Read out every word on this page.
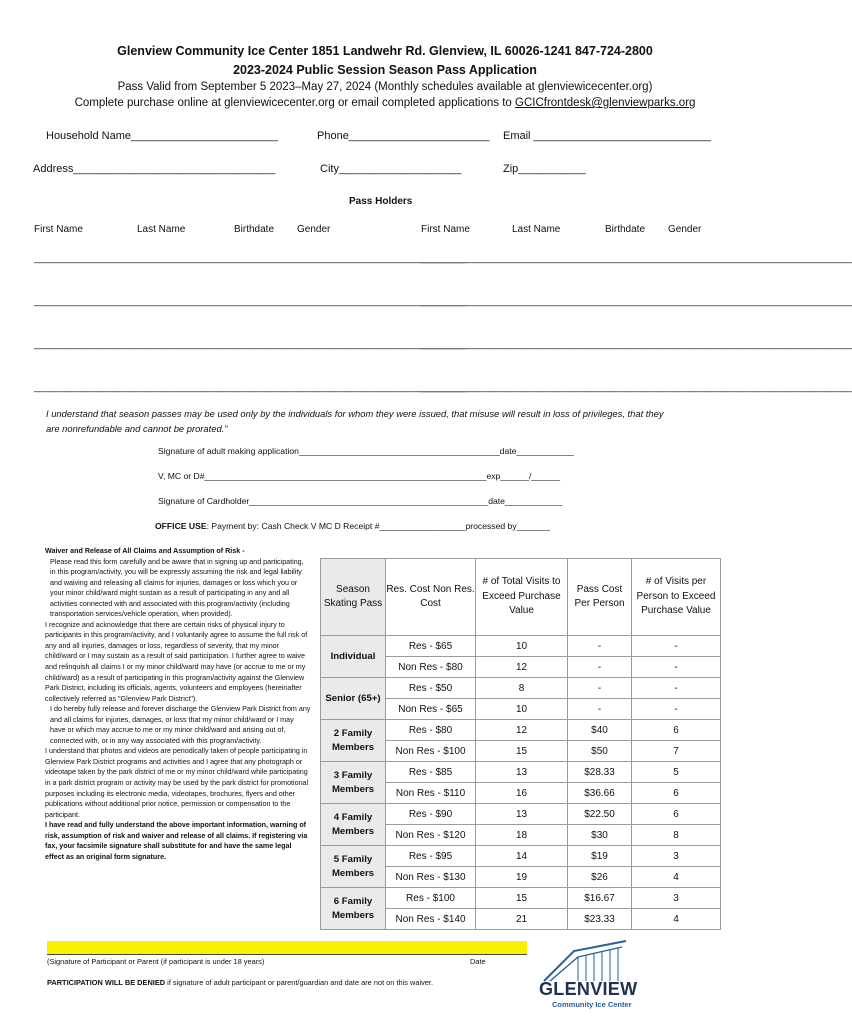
Glenview Community Ice Center 1851 Landwehr Rd. Glenview, IL 60026-1241 847-724-2800
2023-2024 Public Session Season Pass Application
Pass Valid from September 5 2023–May 27, 2024 (Monthly schedules available at glenviewicecenter.org)
Complete purchase online at glenviewicecenter.org or email completed applications to GCICfrontdesk@glenviewparks.org
Household Name________________________	Phone_______________________ Email _____________________________
Address_________________________________	City____________________	Zip___________
Pass Holders
First Name	Last Name	Birthdate Gender	First Name	Last Name	Birthdate Gender
__________________________________________________________________________________
__________________________________________________________________________________
__________________________________________________________________________________
__________________________________________________________________________________
__________________________________________________________________________________
__________________________________________________________________________________
__________________________________________________________________________________
__________________________________________________________________________________
I understand that season passes may be used only by the individuals for whom they were issued, that misuse will result in loss of privileges, that they are nonrefundable and cannot be prorated.”
Signature of adult making application__________________________________________date____________
V, MC or D#___________________________________________________________exp______/______
Signature of Cardholder__________________________________________________date____________
OFFICE USE: Payment by: Cash Check V MC D Receipt #__________________processed by_______

Waiver and Release of All Claims and Assumption of Risk -

Please read this form carefully and be aware that in signing up and participating, in this program/activity, you will be expressly assuming the risk and legal liability and waiving and releasing all claims for injuries, damages or loss which you or your minor child/ward might sustain as a result of participating in any and all activities connected with and associated with this program/activity (including transportation services/vehicle operation, when provided).

I recognize and acknowledge that there are certain risks of physical injury to participants in this program/activity, and I voluntarily agree to assume the full risk of any and all injuries, damages or loss, regardless of severity, that my minor child/ward or I may sustain as a result of said participation. I further agree to waive and relinquish all claims I or my minor child/ward may have (or accrue to me or my child/ward) as a result of participating in this program/activity against the Glenview Park District, including its officials, agents, volunteers and employees (hereinafter collectively referred as "Glenview Park District").

I do hereby fully release and forever discharge the Glenview Park District from any and all claims for injuries, damages, or loss that my minor child/ward or I may have or which may accrue to me or my minor child/ward and arising out of, connected with, or in any way associated with this program/activity.

I understand that photos and videos are periodically taken of people participating in Glenview Park District programs and activities and I agree that any photograph or videotape taken by the park district of me or my minor child/ward while participating in a park district program or activity may be used by the park district for promotional purposes including its electronic media, videotapes, brochures, flyers and other publications without additional prior notice, permission or compensation to the participant.

I have read and fully understand the above important information, warning of risk, assumption of risk and waiver and release of all claims. If registering via fax, your facsimile signature shall substitute for and have the same legal effect as an original form signature.

Season Skating Pass	Res. Cost Non Res. Cost	# of Total Visits to Exceed Purchase Value	Pass Cost Per Person	# of Visits per Person to Exceed Purchase Value
Individual	Res - $65	10	-	-
	Non Res - $80	12	-	-
Senior (65+)	Res - $50	8	-	-
	Non Res - $65	10	-	-
2 Family Members	Res - $80	12	$40	6
	Non Res - $100	15	$50	7
3 Family Members	Res - $85	13	$28.33	5
	Non Res - $110	16	$36.66	6
4 Family Members	Res - $90	13	$22.50	6
	Non Res - $120	18	$30	8
5 Family Members	Res - $95	14	$19	3
	Non Res - $130	19	$26	4
6 Family Members	Res - $100	15	$16.67	3
	Non Res - $140	21	$23.33	4
(Signature of Participant or Parent (if participant is under 18 years)	Date
PARTICIPATION WILL BE DENIED if signature of adult participant or parent/guardian and date are not on this waiver.	GLENVIEW
Community Ice Center
